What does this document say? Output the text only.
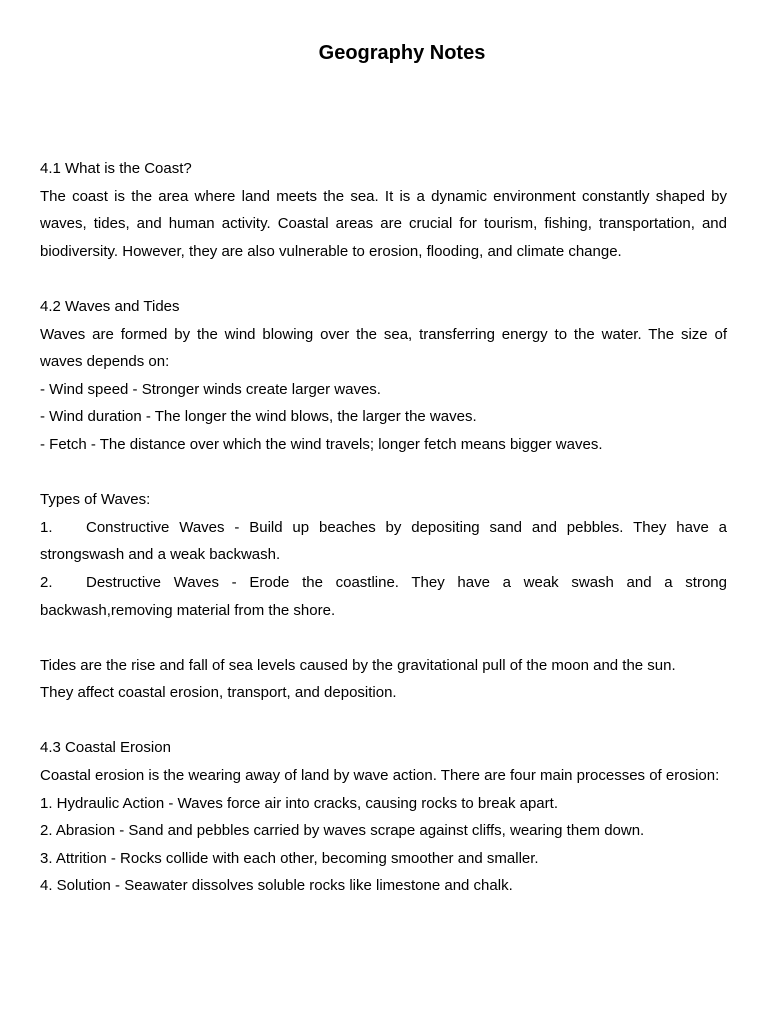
Geography Notes

4.1 What is the Coast?

The coast is the area where land meets the sea. It is a dynamic environment constantly shaped by waves, tides, and human activity. Coastal areas are crucial for tourism, fishing, transportation, and biodiversity. However, they are also vulnerable to erosion, flooding, and climate change.

4.2 Waves and Tides

Waves are formed by the wind blowing over the sea, transferring energy to the water. The size of waves depends on:

- Wind speed - Stronger winds create larger waves.

- Wind duration - The longer the wind blows, the larger the waves.

- Fetch - The distance over which the wind travels; longer fetch means bigger waves.

Types of Waves:

1. Constructive Waves - Build up beaches by depositing sand and pebbles. They have a strongswash and a weak backwash.

2. Destructive Waves - Erode the coastline. They have a weak swash and a strong backwash,removing material from the shore.

Tides are the rise and fall of sea levels caused by the gravitational pull of the moon and the sun.

They affect coastal erosion, transport, and deposition.

4.3 Coastal Erosion

Coastal erosion is the wearing away of land by wave action. There are four main processes of erosion:

1. Hydraulic Action - Waves force air into cracks, causing rocks to break apart.

2. Abrasion - Sand and pebbles carried by waves scrape against cliffs, wearing them down.

3. Attrition - Rocks collide with each other, becoming smoother and smaller.

4. Solution - Seawater dissolves soluble rocks like limestone and chalk.
